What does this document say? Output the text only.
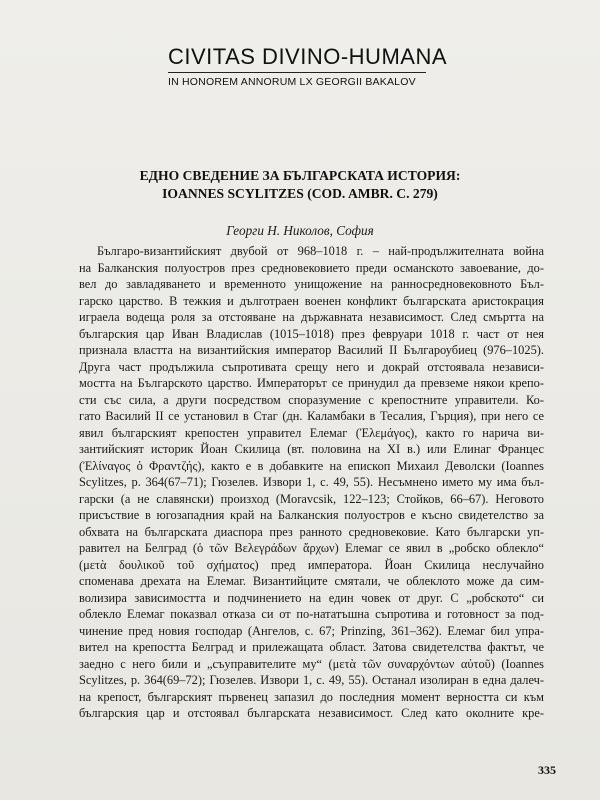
CIVITAS DIVINO-HUMANA
IN HONOREM ANNORUM LX GEORGII BAKALOV
ЕДНО СВЕДЕНИЕ ЗА БЪЛГАРСКАТА ИСТОРИЯ:
IOANNES SCYLITZES (COD. AMBR. C. 279)
Георги Н. Николов, София
Българо-византийският двубой от 968–1018 г. – най-продължителната война
на Балканския полуостров през средновековието преди османското завоевание, до-
вел до завладяването и временното унищожение на ранносредновековното Бъл-
гарско царство. В тежкия и дълготраен военен конфликт българската аристокрация
играела водеща роля за отстояване на държавната независимост. След смъртта на
българския цар Иван Владислав (1015–1018) през февруари 1018 г. част от нея
признала властта на византийския император Василий II Българоубиец (976–1025).
Друга част продължила съпротивата срещу него и докрай отстоявала независи-
мостта на Българското царство. Императорът се принудил да превземе някои крепо-
сти със сила, а други посредством споразумение с крепостните управители. Ко-
гато Василий II се установил в Стаг (дн. Каламбаки в Тесалия, Гърция), при него се
явил българският крепостен управител Елемаг (Ἐλεμάγος), както го нарича ви-
зантийският историк Йоан Скилица (вт. половина на XI в.) или Елинаг Францес
(Ἐλίναγος ὁ Φραντζής), както е в добавките на епископ Михаил Деволски (Ioannes
Scylitzes, p. 364(67–71); Гюзелев. Извори 1, с. 49, 55). Несъмнено името му има бъл-
гарски (а не славянски) произход (Moravcsik, 122–123; Стойков, 66–67). Неговото
присъствие в югозападния край на Балканския полуостров е късно свидетелство за
обхвата на българската диаспора през ранното средновековие. Като български уп-
равител на Белград (ὁ τῶν Βελεγράδων ἄρχων) Елемаг се явил в „робско облекло“
(μετὰ δουλικοῦ τοῦ σχήματος) пред императора. Йоан Скилица неслучайно
споменава дрехата на Елемаг. Византийците смятали, че облеклото може да сим-
волизира зависимостта и подчинението на един човек от друг. С „робското“ си
облекло Елемаг показвал отказа си от по-нататъшна съпротива и готовност за под-
чинение пред новия господар (Ангелов, с. 67; Prinzing, 361–362). Елемаг бил упра-
вител на крепостта Белград и прилежащата област. Затова свидетелства фактът, че
заедно с него били и „съуправителите му“ (μετὰ τῶν συναρχόντων αὐτοῦ) (Ioannes
Scylitzes, p. 364(69–72); Гюзелев. Извори 1, с. 49, 55). Останал изолиран в една далеч-
на крепост, българският първенец запазил до последния момент верността си към
българския цар и отстоявал българската независимост. След като околните кре-
335
